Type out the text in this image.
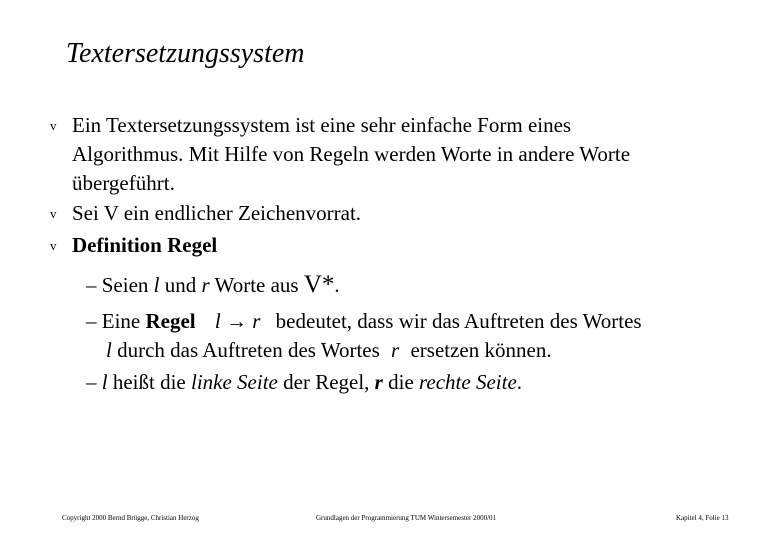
Textersetzungssystem
v Ein Textersetzungssystem ist eine sehr einfache Form eines
Algorithmus. Mit Hilfe von Regeln werden Worte in andere Worte
übergeführt.
v Sei V ein endlicher Zeichenvorrat.
v Definition Regel
– Seien l und r Worte aus V*.
– Eine Regel l → r bedeutet, dass wir das Auftreten des Wortes
l durch das Auftreten des Wortes r ersetzen können.
– l heißt die linke Seite der Regel, r die rechte Seite.
Copyright 2000 Bernd Brügge, Christian Herzog	Grundlagen der Programmierung TUM Wintersemester 2000/01	Kapitel 4, Folie 13
